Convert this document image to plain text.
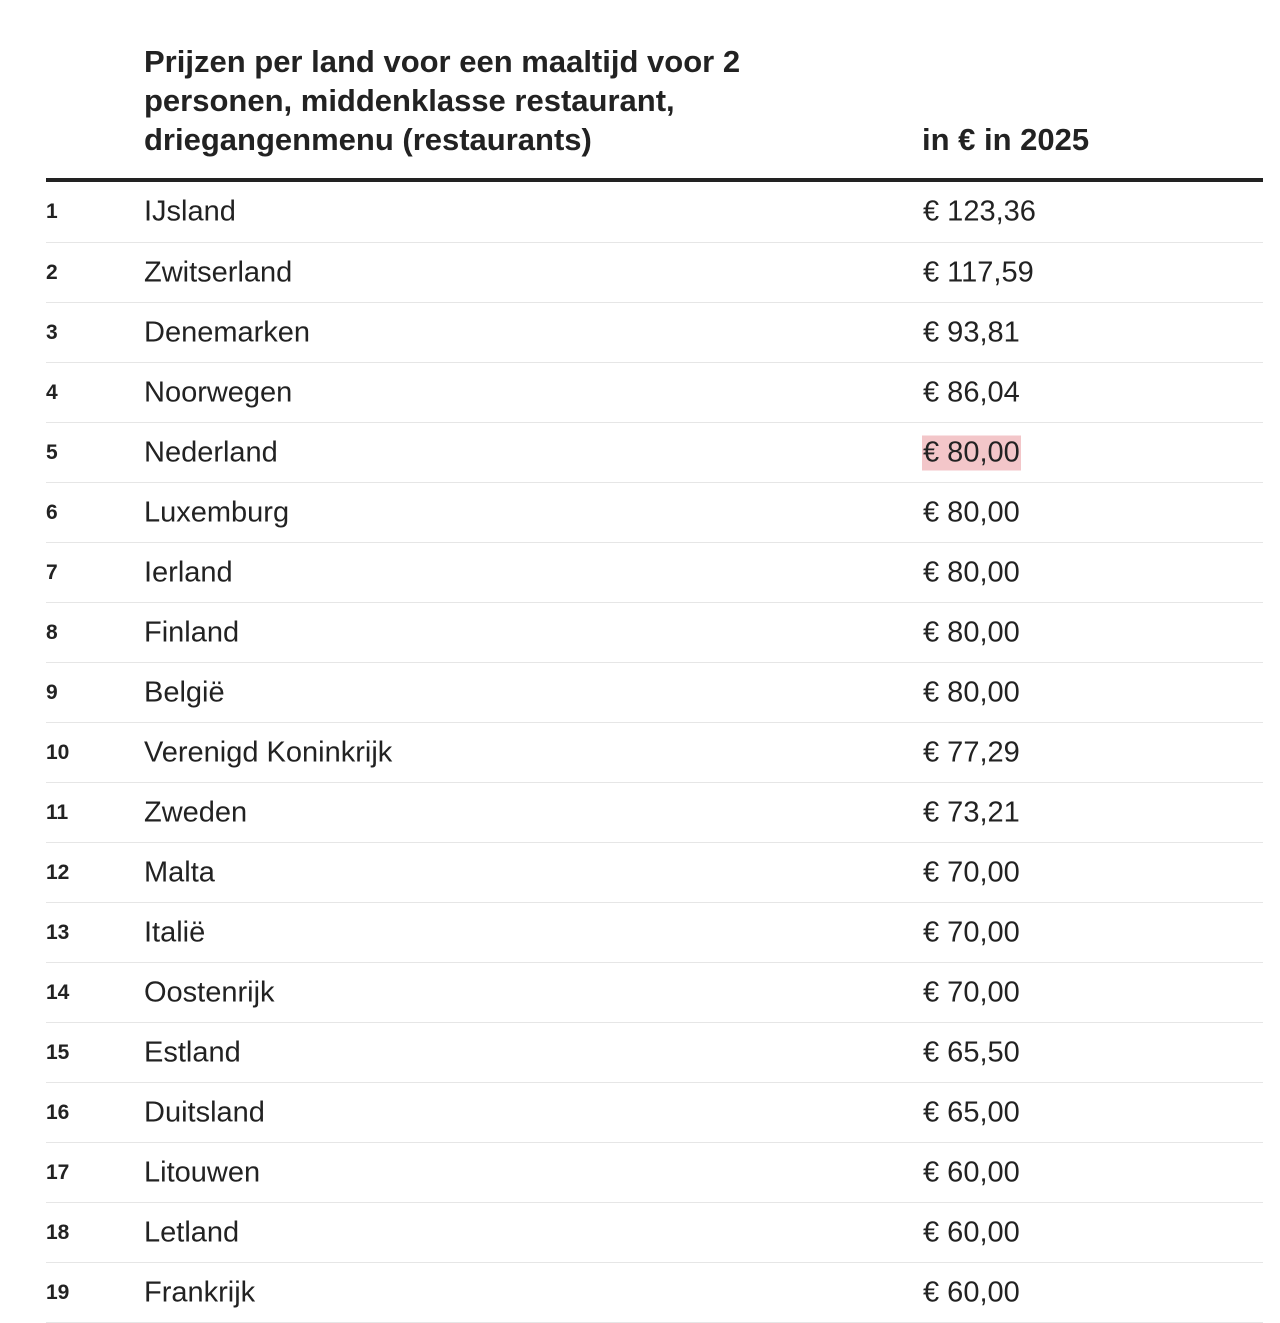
Prijzen per land voor een maaltijd voor 2 personen, middenklasse restaurant, driegangenmenu (restaurants)	in € in 2025
1	IJsland	€ 123,36
2	Zwitserland	€ 117,59
3	Denemarken	€ 93,81
4	Noorwegen	€ 86,04
5	Nederland	€ 80,00
6	Luxemburg	€ 80,00
7	Ierland	€ 80,00
8	Finland	€ 80,00
9	België	€ 80,00
10	Verenigd Koninkrijk	€ 77,29
11	Zweden	€ 73,21
12	Malta	€ 70,00
13	Italië	€ 70,00
14	Oostenrijk	€ 70,00
15	Estland	€ 65,50
16	Duitsland	€ 65,00
17	Litouwen	€ 60,00
18	Letland	€ 60,00
19	Frankrijk	€ 60,00
